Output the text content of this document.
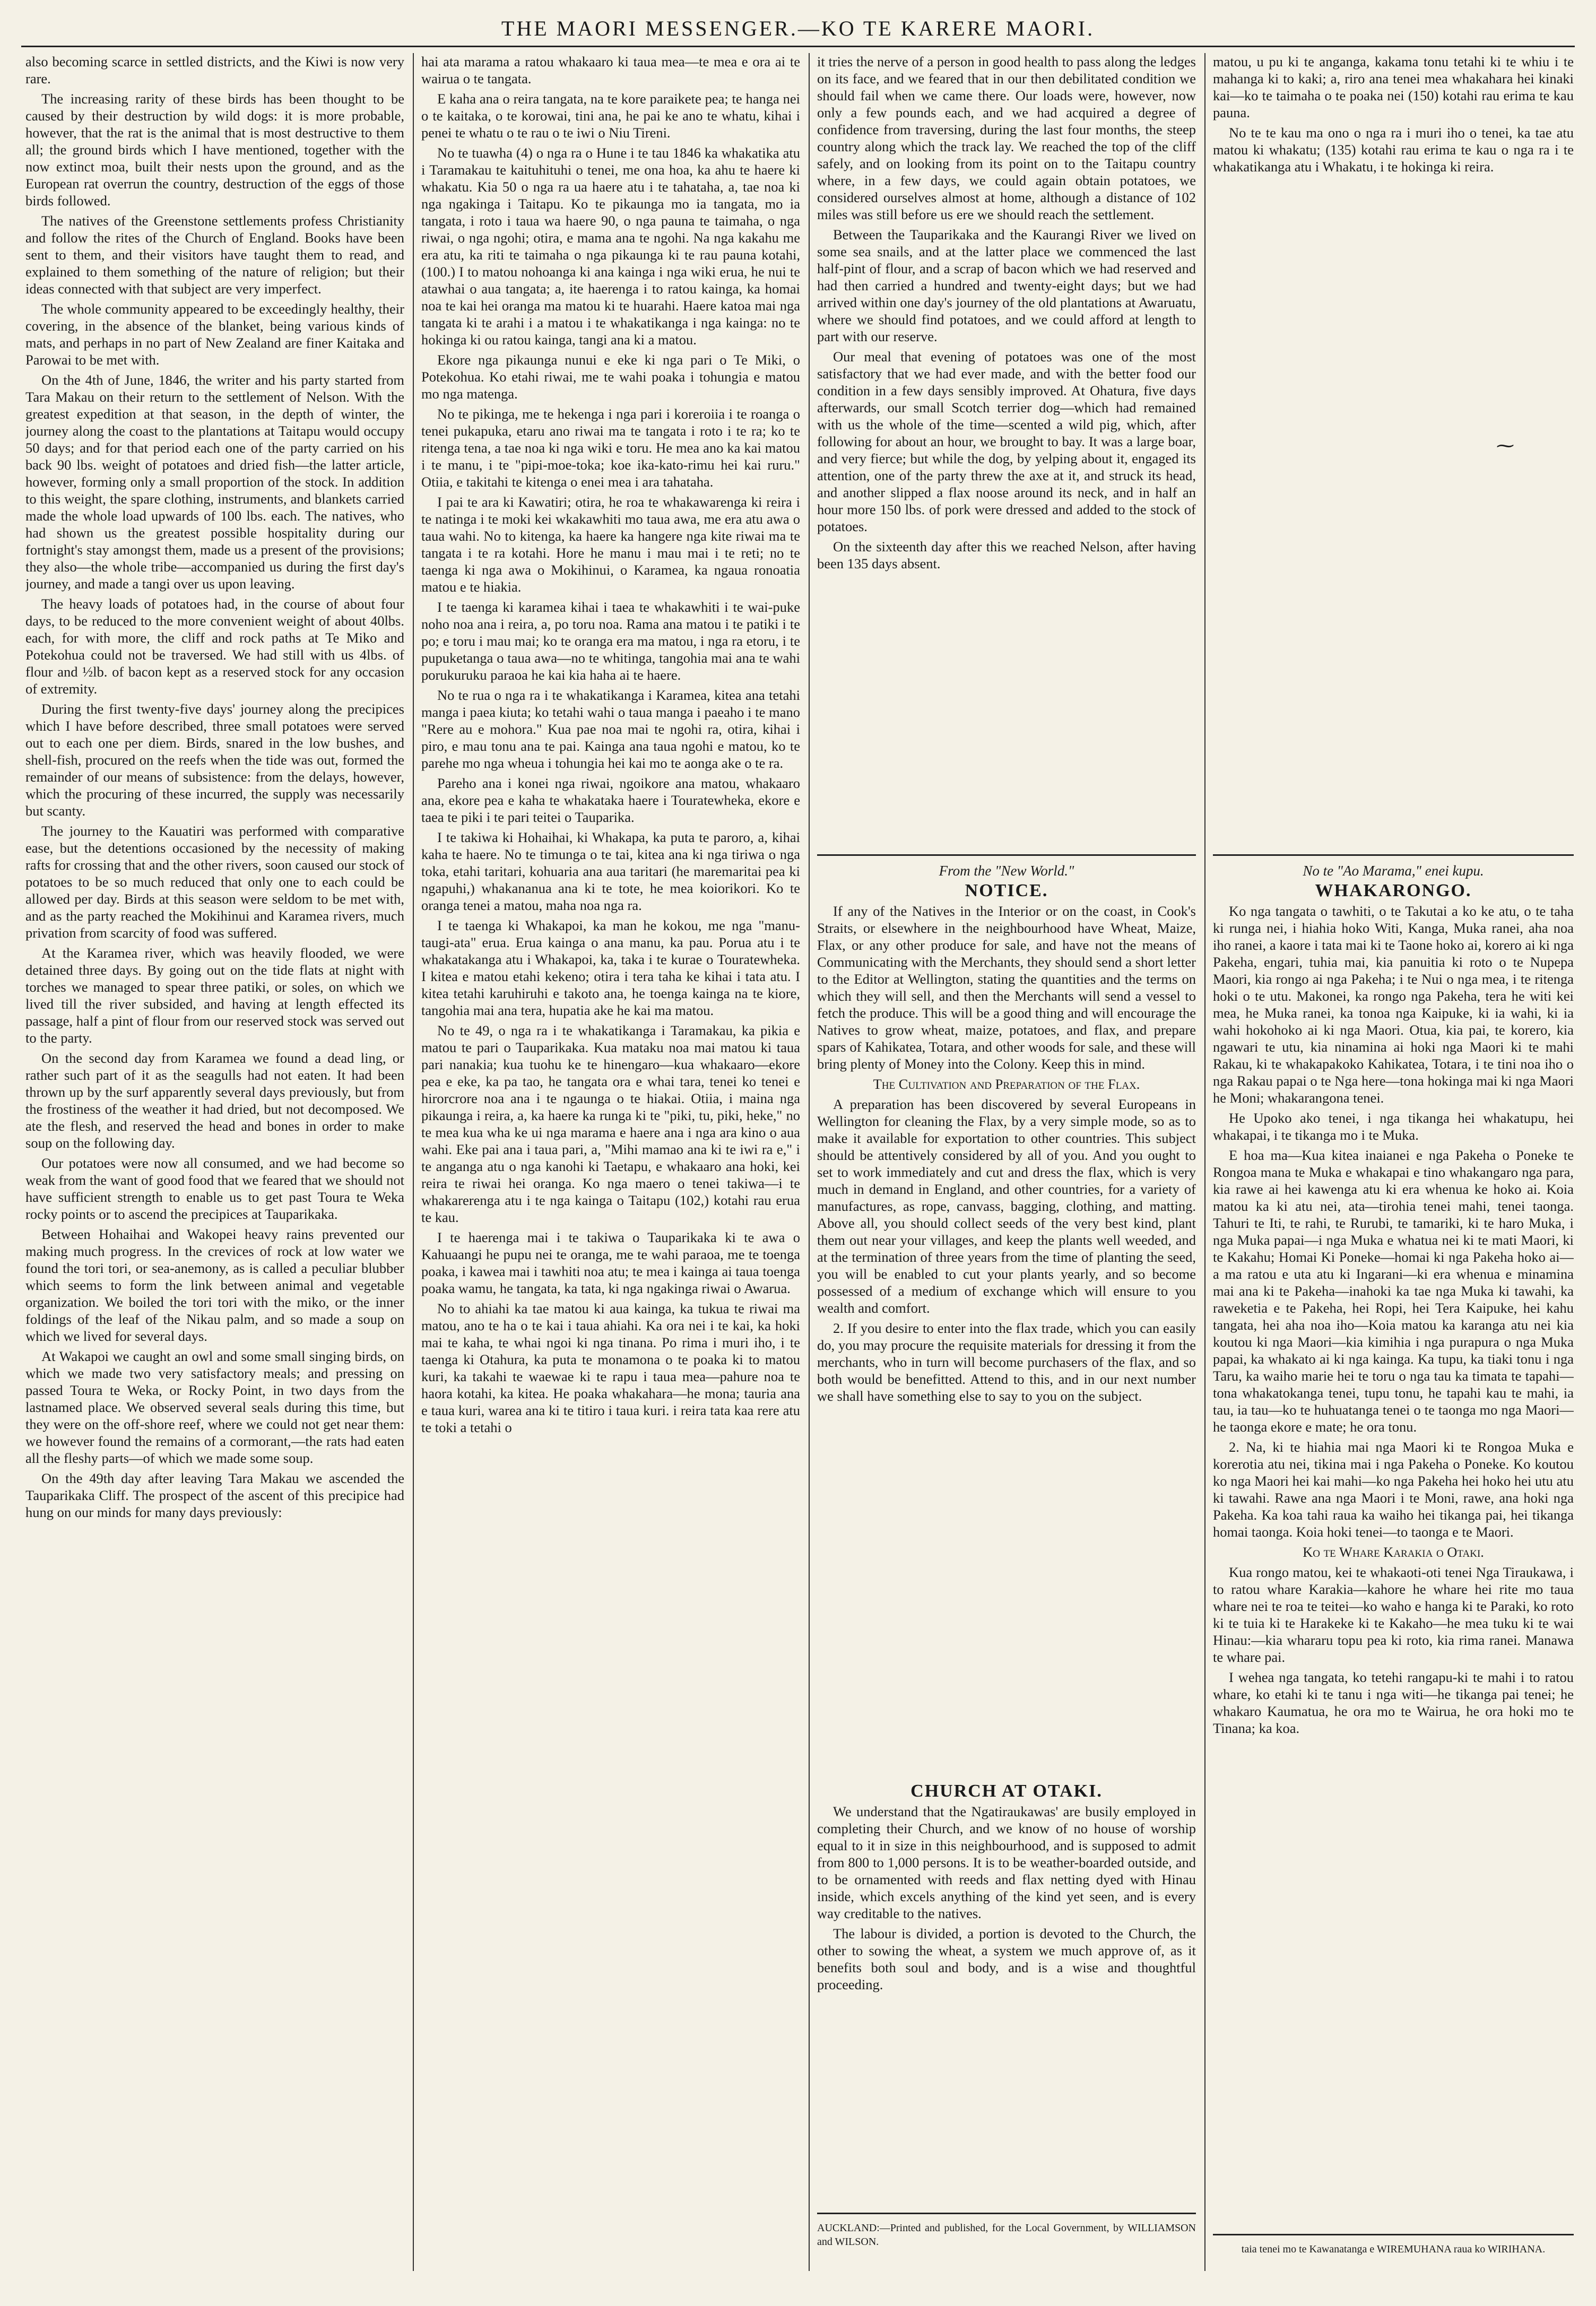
THE MAORI MESSENGER.—KO TE KARERE MAORI.

also becoming scarce in settled districts, and the Kiwi is now very rare.

The increasing rarity of these birds has been thought to be caused by their destruction by wild dogs: it is more probable, however, that the rat is the animal that is most destructive to them all; the ground birds which I have mentioned, together with the now extinct moa, built their nests upon the ground, and as the European rat overrun the country, destruction of the eggs of those birds followed.

The natives of the Greenstone settlements profess Christianity and follow the rites of the Church of England. Books have been sent to them, and their visitors have taught them to read, and explained to them something of the nature of religion; but their ideas connected with that subject are very imperfect.

The whole community appeared to be exceedingly healthy, their covering, in the absence of the blanket, being various kinds of mats, and perhaps in no part of New Zealand are finer Kaitaka and Parowai to be met with.

On the 4th of June, 1846, the writer and his party started from Tara Makau on their return to the settlement of Nelson. With the greatest expedition at that season, in the depth of winter, the journey along the coast to the plantations at Taitapu would occupy 50 days; and for that period each one of the party carried on his back 90 lbs. weight of potatoes and dried fish—the latter article, however, forming only a small proportion of the stock. In addition to this weight, the spare clothing, instruments, and blankets carried made the whole load upwards of 100 lbs. each. The natives, who had shown us the greatest possible hospitality during our fortnight's stay amongst them, made us a present of the provisions; they also—the whole tribe—accompanied us during the first day's journey, and made a tangi over us upon leaving.

The heavy loads of potatoes had, in the course of about four days, to be reduced to the more convenient weight of about 40lbs. each, for with more, the cliff and rock paths at Te Miko and Potekohua could not be traversed. We had still with us 4lbs. of flour and ½lb. of bacon kept as a reserved stock for any occasion of extremity.

During the first twenty-five days' journey along the precipices which I have before described, three small potatoes were served out to each one per diem. Birds, snared in the low bushes, and shell-fish, procured on the reefs when the tide was out, formed the remainder of our means of subsistence: from the delays, however, which the procuring of these incurred, the supply was necessarily but scanty.

The journey to the Kauatiri was performed with comparative ease, but the detentions occasioned by the necessity of making rafts for crossing that and the other rivers, soon caused our stock of potatoes to be so much reduced that only one to each could be allowed per day. Birds at this season were seldom to be met with, and as the party reached the Mokihinui and Karamea rivers, much privation from scarcity of food was suffered.

At the Karamea river, which was heavily flooded, we were detained three days. By going out on the tide flats at night with torches we managed to spear three patiki, or soles, on which we lived till the river subsided, and having at length effected its passage, half a pint of flour from our reserved stock was served out to the party.

On the second day from Karamea we found a dead ling, or rather such part of it as the seagulls had not eaten. It had been thrown up by the surf apparently several days previously, but from the frostiness of the weather it had dried, but not decomposed. We ate the flesh, and reserved the head and bones in order to make soup on the following day.

Our potatoes were now all consumed, and we had become so weak from the want of good food that we feared that we should not have sufficient strength to enable us to get past Toura te Weka rocky points or to ascend the precipices at Tauparikaka.

Between Hohaihai and Wakopei heavy rains prevented our making much progress. In the crevices of rock at low water we found the tori tori, or sea-anemony, as is called a peculiar blubber which seems to form the link between animal and vegetable organization. We boiled the tori tori with the miko, or the inner foldings of the leaf of the Nikau palm, and so made a soup on which we lived for several days.

At Wakapoi we caught an owl and some small singing birds, on which we made two very satisfactory meals; and pressing on passed Toura te Weka, or Rocky Point, in two days from the lastnamed place. We observed several seals during this time, but they were on the off-shore reef, where we could not get near them: we however found the remains of a cormorant,—the rats had eaten all the fleshy parts—of which we made some soup.

On the 49th day after leaving Tara Makau we ascended the Tauparikaka Cliff. The prospect of the ascent of this precipice had hung on our minds for many days previously:

hai ata marama a ratou whakaaro ki taua mea—te mea e ora ai te wairua o te tangata.

E kaha ana o reira tangata, na te kore paraikete pea; te hanga nei o te kaitaka, o te korowai, tini ana, he pai ke ano te whatu, kihai i penei te whatu o te rau o te iwi o Niu Tireni.

No te tuawha (4) o nga ra o Hune i te tau 1846 ka whakatika atu i Taramakau te kaituhituhi o tenei, me ona hoa, ka ahu te haere ki whakatu. Kia 50 o nga ra ua haere atu i te tahataha, a, tae noa ki nga ngakinga i Taitapu. Ko te pikaunga mo ia tangata, mo ia tangata, i roto i taua wa haere 90, o nga pauna te taimaha, o nga riwai, o nga ngohi; otira, e mama ana te ngohi. Na nga kakahu me era atu, ka riti te taimaha o nga pikaunga ki te rau pauna kotahi, (100.) I to matou nohoanga ki ana kainga i nga wiki erua, he nui te atawhai o aua tangata; a, ite haerenga i to ratou kainga, ka homai noa te kai hei oranga ma matou ki te huarahi. Haere katoa mai nga tangata ki te arahi i a matou i te whakatikanga i nga kainga: no te hokinga ki ou ratou kainga, tangi ana ki a matou.

Ekore nga pikaunga nunui e eke ki nga pari o Te Miki, o Potekohua. Ko etahi riwai, me te wahi poaka i tohungia e matou mo nga matenga.

No te pikinga, me te hekenga i nga pari i koreroiia i te roanga o tenei pukapuka, etaru ano riwai ma te tangata i roto i te ra; ko te ritenga tena, a tae noa ki nga wiki e toru. He mea ano ka kai matou i te manu, i te "pipi-moe-toka; koe ika-kato-rimu hei kai ruru." Otiia, e takitahi te kitenga o enei mea i ara tahataha.

I pai te ara ki Kawatiri; otira, he roa te whakawarenga ki reira i te natinga i te moki kei wkakawhiti mo taua awa, me era atu awa o taua wahi. No to kitenga, ka haere ka hangere nga kite riwai ma te tangata i te ra kotahi. Hore he manu i mau mai i te reti; no te taenga ki nga awa o Mokihinui, o Karamea, ka ngaua ronoatia matou e te hiakia.

I te taenga ki karamea kihai i taea te whakawhiti i te wai-puke noho noa ana i reira, a, po toru noa. Rama ana matou i te patiki i te po; e toru i mau mai; ko te oranga era ma matou, i nga ra etoru, i te pupuketanga o taua awa—no te whitinga, tangohia mai ana te wahi porukuruku paraoa he kai kia haha ai te haere.

No te rua o nga ra i te whakatikanga i Karamea, kitea ana tetahi manga i paea kiuta; ko tetahi wahi o taua manga i paeaho i te mano "Rere au e mohora." Kua pae noa mai te ngohi ra, otira, kihai i piro, e mau tonu ana te pai. Kainga ana taua ngohi e matou, ko te parehe mo nga wheua i tohungia hei kai mo te aonga ake o te ra.

Pareho ana i konei nga riwai, ngoikore ana matou, whakaaro ana, ekore pea e kaha te whakataka haere i Touratewheka, ekore e taea te piki i te pari teitei o Tauparika.

I te takiwa ki Hohaihai, ki Whakapa, ka puta te paroro, a, kihai kaha te haere. No te timunga o te tai, kitea ana ki nga tiriwa o nga toka, etahi taritari, kohuaria ana aua taritari (he maremaritai pea ki ngapuhi,) whakananua ana ki te tote, he mea koiorikori. Ko te oranga tenei a matou, maha noa nga ra.

I te taenga ki Whakapoi, ka man he kokou, me nga "manu-taugi-ata" erua. Erua kainga o ana manu, ka pau. Porua atu i te whakatakanga atu i Whakapoi, ka, taka i te kurae o Touratewheka. I kitea e matou etahi kekeno; otira i tera taha ke kihai i tata atu. I kitea tetahi karuhiruhi e takoto ana, he toenga kainga na te kiore, tangohia mai ana tera, hupatia ake he kai ma matou.

No te 49, o nga ra i te whakatikanga i Taramakau, ka pikia e matou te pari o Tauparikaka. Kua mataku noa mai matou ki taua pari nanakia; kua tuohu ke te hinengaro—kua whakaaro—ekore pea e eke, ka pa tao, he tangata ora e whai tara, tenei ko tenei e hirorcrore noa ana i te ngaunga o te hiakai. Otiia, i maina nga pikaunga i reira, a, ka haere ka runga ki te "piki, tu, piki, heke," no te mea kua wha ke ui nga marama e haere ana i nga ara kino o aua wahi. Eke pai ana i taua pari, a, "Mihi mamao ana ki te iwi ra e," i te anganga atu o nga kanohi ki Taetapu, e whakaaro ana hoki, kei reira te riwai hei oranga. Ko nga maero o tenei takiwa—i te whakarerenga atu i te nga kainga o Taitapu (102,) kotahi rau erua te kau.

I te haerenga mai i te takiwa o Tauparikaka ki te awa o Kahuaangi he pupu nei te oranga, me te wahi paraoa, me te toenga poaka, i kawea mai i tawhiti noa atu; te mea i kainga ai taua toenga poaka wamu, he tangata, ka tata, ki nga ngakinga riwai o Awarua.

No to ahiahi ka tae matou ki aua kainga, ka tukua te riwai ma matou, ano te ha o te kai i taua ahiahi. Ka ora nei i te kai, ka hoki mai te kaha, te whai ngoi ki nga tinana. Po rima i muri iho, i te taenga ki Otahura, ka puta te monamona o te poaka ki to matou kuri, ka takahi te waewae ki te rapu i taua mea—pahure noa te haora kotahi, ka kitea. He poaka whakahara—he mona; tauria ana e taua kuri, warea ana ki te titiro i taua kuri. i reira tata kaa rere atu te toki a tetahi o

it tries the nerve of a person in good health to pass along the ledges on its face, and we feared that in our then debilitated condition we should fail when we came there. Our loads were, however, now only a few pounds each, and we had acquired a degree of confidence from traversing, during the last four months, the steep country along which the track lay. We reached the top of the cliff safely, and on looking from its point on to the Taitapu country where, in a few days, we could again obtain potatoes, we considered ourselves almost at home, although a distance of 102 miles was still before us ere we should reach the settlement.

Between the Tauparikaka and the Kaurangi River we lived on some sea snails, and at the latter place we commenced the last half-pint of flour, and a scrap of bacon which we had reserved and had then carried a hundred and twenty-eight days; but we had arrived within one day's journey of the old plantations at Awaruatu, where we should find potatoes, and we could afford at length to part with our reserve.

Our meal that evening of potatoes was one of the most satisfactory that we had ever made, and with the better food our condition in a few days sensibly improved. At Ohatura, five days afterwards, our small Scotch terrier dog—which had remained with us the whole of the time—scented a wild pig, which, after following for about an hour, we brought to bay. It was a large boar, and very fierce; but while the dog, by yelping about it, engaged its attention, one of the party threw the axe at it, and struck its head, and another slipped a flax noose around its neck, and in half an hour more 150 lbs. of pork were dressed and added to the stock of potatoes.

On the sixteenth day after this we reached Nelson, after having been 135 days absent.

From the "New World."

NOTICE.

If any of the Natives in the Interior or on the coast, in Cook's Straits, or elsewhere in the neighbourhood have Wheat, Maize, Flax, or any other produce for sale, and have not the means of Communicating with the Merchants, they should send a short letter to the Editor at Wellington, stating the quantities and the terms on which they will sell, and then the Merchants will send a vessel to fetch the produce. This will be a good thing and will encourage the Natives to grow wheat, maize, potatoes, and flax, and prepare spars of Kahikatea, Totara, and other woods for sale, and these will bring plenty of Money into the Colony. Keep this in mind.

The Cultivation and Preparation of the Flax.

A preparation has been discovered by several Europeans in Wellington for cleaning the Flax, by a very simple mode, so as to make it available for exportation to other countries. This subject should be attentively considered by all of you. And you ought to set to work immediately and cut and dress the flax, which is very much in demand in England, and other countries, for a variety of manufactures, as rope, canvass, bagging, clothing, and matting. Above all, you should collect seeds of the very best kind, plant them out near your villages, and keep the plants well weeded, and at the termination of three years from the time of planting the seed, you will be enabled to cut your plants yearly, and so become possessed of a medium of exchange which will ensure to you wealth and comfort.

2. If you desire to enter into the flax trade, which you can easily do, you may procure the requisite materials for dressing it from the merchants, who in turn will become purchasers of the flax, and so both would be benefitted. Attend to this, and in our next number we shall have something else to say to you on the subject.

CHURCH AT OTAKI.

We understand that the Ngatiraukawas' are busily employed in completing their Church, and we know of no house of worship equal to it in size in this neighbourhood, and is supposed to admit from 800 to 1,000 persons. It is to be weather-boarded outside, and to be ornamented with reeds and flax netting dyed with Hinau inside, which excels anything of the kind yet seen, and is every way creditable to the natives.

The labour is divided, a portion is devoted to the Church, the other to sowing the wheat, a system we much approve of, as it benefits both soul and body, and is a wise and thoughtful proceeding.

AUCKLAND:—Printed and published, for the Local Government, by WILLIAMSON and WILSON.

matou, u pu ki te anganga, kakama tonu tetahi ki te whiu i te mahanga ki to kaki; a, riro ana tenei mea whakahara hei kinaki kai—ko te taimaha o te poaka nei (150) kotahi rau erima te kau pauna.

No te te kau ma ono o nga ra i muri iho o tenei, ka tae atu matou ki whakatu; (135) kotahi rau erima te kau o nga ra i te whakatikanga atu i Whakatu, i te hokinga ki reira.

⁓

No te "Ao Marama," enei kupu.

WHAKARONGO.

Ko nga tangata o tawhiti, o te Takutai a ko ke atu, o te taha ki runga nei, i hiahia hoko Witi, Kanga, Muka ranei, aha noa iho ranei, a kaore i tata mai ki te Taone hoko ai, korero ai ki nga Pakeha, engari, tuhia mai, kia panuitia ki roto o te Nupepa Maori, kia rongo ai nga Pakeha; i te Nui o nga mea, i te ritenga hoki o te utu. Makonei, ka rongo nga Pakeha, tera he witi kei mea, he Muka ranei, ka tonoa nga Kaipuke, ki ia wahi, ki ia wahi hokohoko ai ki nga Maori. Otua, kia pai, te korero, kia ngawari te utu, kia ninamina ai hoki nga Maori ki te mahi Rakau, ki te whakapakoko Kahikatea, Totara, i te tini noa iho o nga Rakau papai o te Nga here—tona hokinga mai ki nga Maori he Moni; whakarangona tenei.

He Upoko ako tenei, i nga tikanga hei whakatupu, hei whakapai, i te tikanga mo i te Muka.

E hoa ma—Kua kitea inaianei e nga Pakeha o Poneke te Rongoa mana te Muka e whakapai e tino whakangaro nga para, kia rawe ai hei kawenga atu ki era whenua ke hoko ai. Koia matou ka ki atu nei, ata—tirohia tenei mahi, tenei taonga. Tahuri te Iti, te rahi, te Rurubi, te tamariki, ki te haro Muka, i nga Muka papai—i nga Muka e whatua nei ki te mati Maori, ki te Kakahu; Homai Ki Poneke—homai ki nga Pakeha hoko ai—a ma ratou e uta atu ki Ingarani—ki era whenua e minamina mai ana ki te Pakeha—inahoki ka tae nga Muka ki tawahi, ka raweketia e te Pakeha, hei Ropi, hei Tera Kaipuke, hei kahu tangata, hei aha noa iho—Koia matou ka karanga atu nei kia koutou ki nga Maori—kia kimihia i nga purapura o nga Muka papai, ka whakato ai ki nga kainga. Ka tupu, ka tiaki tonu i nga Taru, ka waiho marie hei te toru o nga tau ka timata te tapahi—tona whakatokanga tenei, tupu tonu, he tapahi kau te mahi, ia tau, ia tau—ko te huhuatanga tenei o te taonga mo nga Maori—he taonga ekore e mate; he ora tonu.

2. Na, ki te hiahia mai nga Maori ki te Rongoa Muka e korerotia atu nei, tikina mai i nga Pakeha o Poneke. Ko koutou ko nga Maori hei kai mahi—ko nga Pakeha hei hoko hei utu atu ki tawahi. Rawe ana nga Maori i te Moni, rawe, ana hoki nga Pakeha. Ka koa tahi raua ka waiho hei tikanga pai, hei tikanga homai taonga. Koia hoki tenei—to taonga e te Maori.

Ko te Whare Karakia o Otaki.

Kua rongo matou, kei te whakaoti-oti tenei Nga Tiraukawa, i to ratou whare Karakia—kahore he whare hei rite mo taua whare nei te roa te teitei—ko waho e hanga ki te Paraki, ko roto ki te tuia ki te Harakeke ki te Kakaho—he mea tuku ki te wai Hinau:—kia whararu topu pea ki roto, kia rima ranei. Manawa te whare pai.

I wehea nga tangata, ko tetehi rangapu-ki te mahi i to ratou whare, ko etahi ki te tanu i nga witi—he tikanga pai tenei; he whakaro Kaumatua, he ora mo te Wairua, he ora hoki mo te Tinana; ka koa.

taia tenei mo te Kawanatanga e WIREMUHANA raua ko WIRIHANA.
